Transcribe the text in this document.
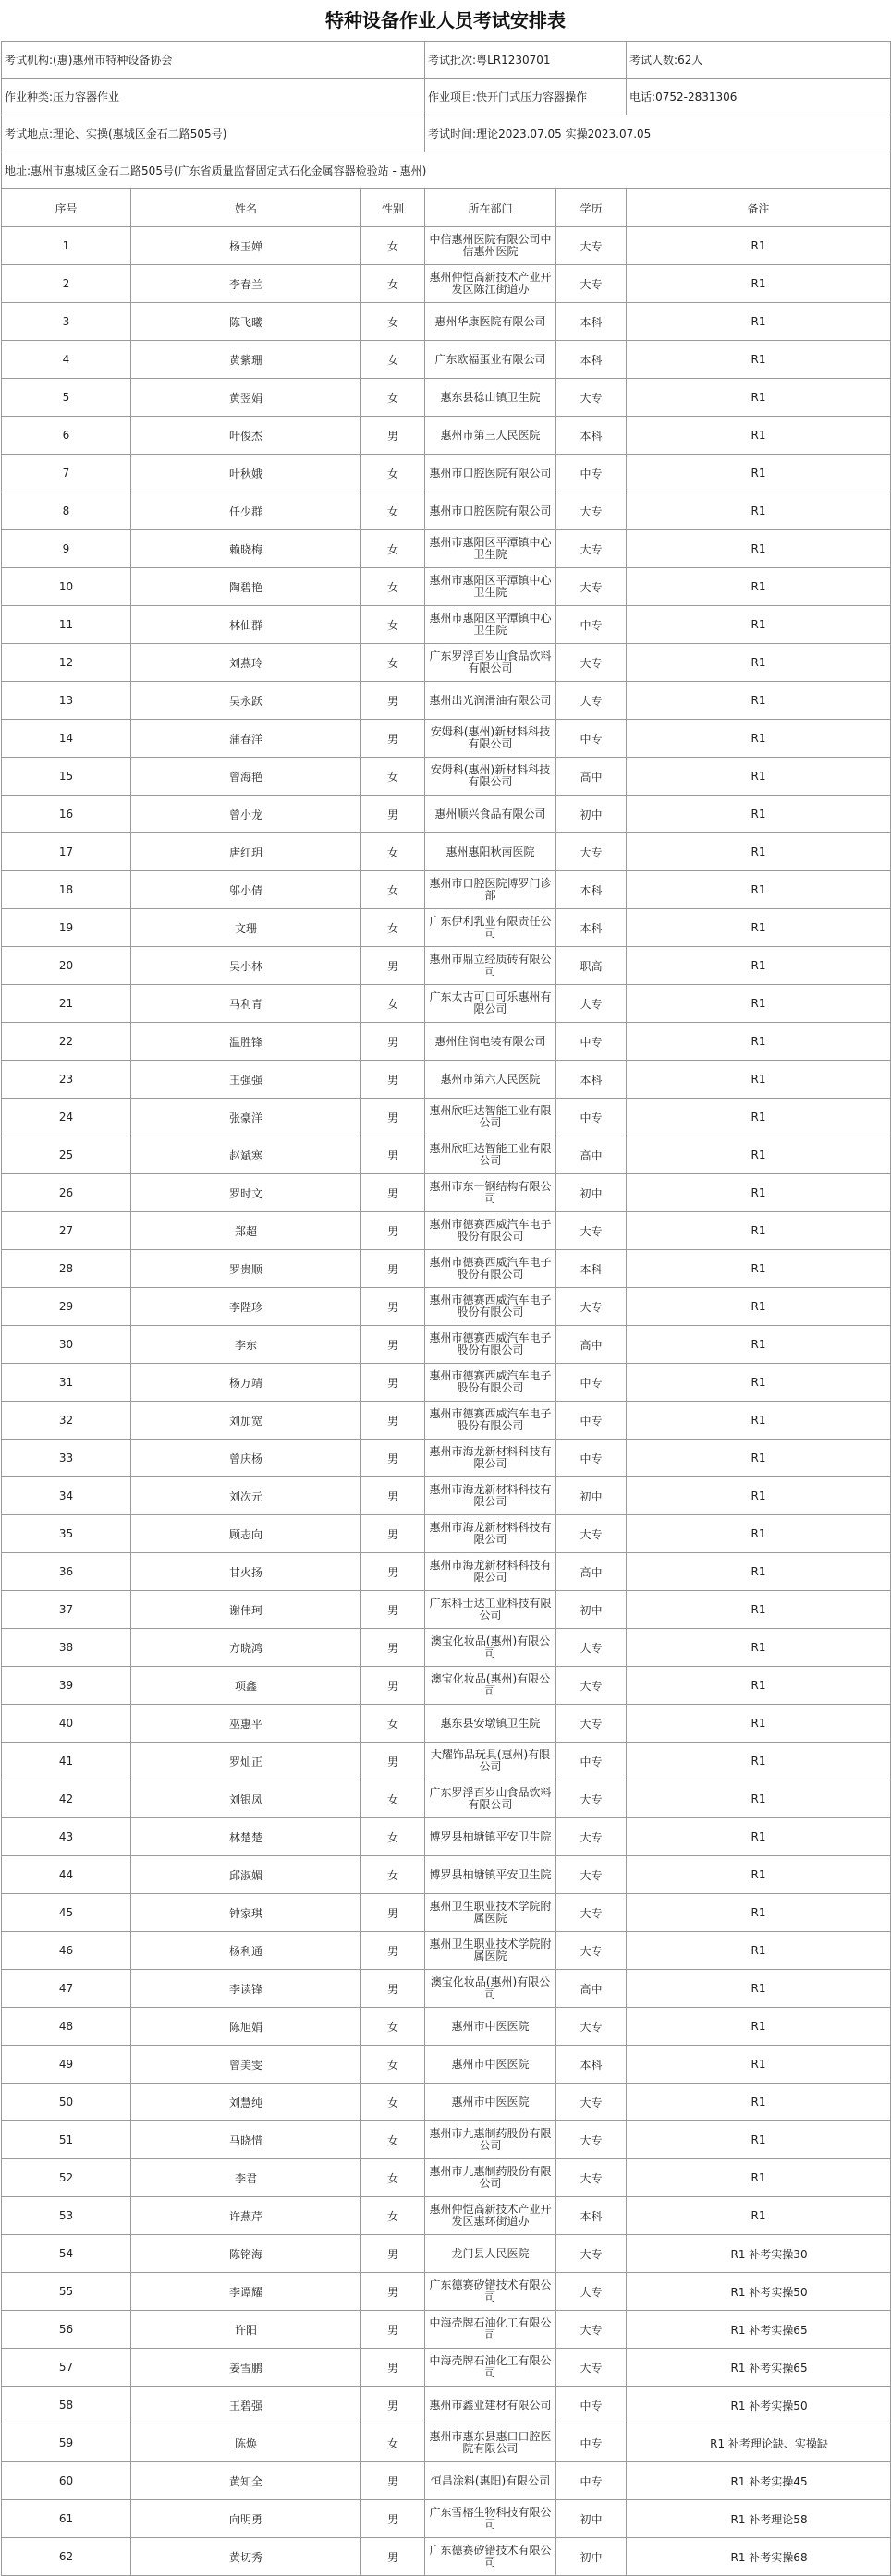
特种设备作业人员考试安排表
考试机构:(惠)惠州市特种设备协会			考试批次:粤LR1230701		考试人数:62人
作业种类:压力容器作业			作业项目:快开门式压力容器操作		电话:0752-2831306
考试地点:理论、实操(惠城区金石二路505号)			考试时间:理论2023.07.05 实操2023.07.05		
地址:惠州市惠城区金石二路505号(广东省质量监督固定式石化金属容器检验站 - 惠州)					
序号	姓名	性别	所在部门	学历	备注
1	杨玉婵	女	中信惠州医院有限公司中信惠州医院	大专	R1
2	李春兰	女	惠州仲恺高新技术产业开发区陈江街道办	大专	R1
3	陈飞曦	女	惠州华康医院有限公司	本科	R1
4	黄紫珊	女	广东欧福蛋业有限公司	本科	R1
5	黄翌娟	女	惠东县稔山镇卫生院	大专	R1
6	叶俊杰	男	惠州市第三人民医院	本科	R1
7	叶秋娥	女	惠州市口腔医院有限公司	中专	R1
8	任少群	女	惠州市口腔医院有限公司	大专	R1
9	赖晓梅	女	惠州市惠阳区平潭镇中心卫生院	大专	R1
10	陶碧艳	女	惠州市惠阳区平潭镇中心卫生院	大专	R1
11	林仙群	女	惠州市惠阳区平潭镇中心卫生院	中专	R1
12	刘燕玲	女	广东罗浮百岁山食品饮料有限公司	大专	R1
13	吴永跃	男	惠州出光润滑油有限公司	大专	R1
14	蒲春洋	男	安姆科(惠州)新材料科技有限公司	中专	R1
15	曾海艳	女	安姆科(惠州)新材料科技有限公司	高中	R1
16	曾小龙	男	惠州顺兴食品有限公司	初中	R1
17	唐红玥	女	惠州惠阳秋南医院	大专	R1
18	邬小倩	女	惠州市口腔医院博罗门诊部	本科	R1
19	文珊	女	广东伊利乳业有限责任公司	本科	R1
20	吴小林	男	惠州市鼎立经质砖有限公司	职高	R1
21	马利青	女	广东太古可口可乐惠州有限公司	大专	R1
22	温胜锋	男	惠州住润电装有限公司	中专	R1
23	王强强	男	惠州市第六人民医院	本科	R1
24	张豪洋	男	惠州欣旺达智能工业有限公司	中专	R1
25	赵斌寒	男	惠州欣旺达智能工业有限公司	高中	R1
26	罗时文	男	惠州市东一钢结构有限公司	初中	R1
27	郑超	男	惠州市德赛西威汽车电子股份有限公司	大专	R1
28	罗贵顺	男	惠州市德赛西威汽车电子股份有限公司	本科	R1
29	李陛珍	男	惠州市德赛西威汽车电子股份有限公司	大专	R1
30	李东	男	惠州市德赛西威汽车电子股份有限公司	高中	R1
31	杨万靖	男	惠州市德赛西威汽车电子股份有限公司	中专	R1
32	刘加宽	男	惠州市德赛西威汽车电子股份有限公司	中专	R1
33	曾庆杨	男	惠州市海龙新材料科技有限公司	中专	R1
34	刘次元	男	惠州市海龙新材料科技有限公司	初中	R1
35	顾志向	男	惠州市海龙新材料科技有限公司	大专	R1
36	甘火扬	男	惠州市海龙新材料科技有限公司	高中	R1
37	谢伟珂	男	广东科士达工业科技有限公司	初中	R1
38	方晓鸿	男	澳宝化妆品(惠州)有限公司	大专	R1
39	项鑫	男	澳宝化妆品(惠州)有限公司	大专	R1
40	巫惠平	女	惠东县安墩镇卫生院	大专	R1
41	罗灿正	男	大耀饰品玩具(惠州)有限公司	中专	R1
42	刘银凤	女	广东罗浮百岁山食品饮料有限公司	大专	R1
43	林楚楚	女	博罗县柏塘镇平安卫生院	大专	R1
44	邱淑媚	女	博罗县柏塘镇平安卫生院	大专	R1
45	钟家琪	男	惠州卫生职业技术学院附属医院	大专	R1
46	杨利通	男	惠州卫生职业技术学院附属医院	大专	R1
47	李读锋	男	澳宝化妆品(惠州)有限公司	高中	R1
48	陈旭娟	女	惠州市中医医院	大专	R1
49	曾美雯	女	惠州市中医医院	本科	R1
50	刘慧纯	女	惠州市中医医院	大专	R1
51	马晓惜	女	惠州市九惠制药股份有限公司	大专	R1
52	李君	女	惠州市九惠制药股份有限公司	大专	R1
53	许燕芹	女	惠州仲恺高新技术产业开发区惠环街道办	本科	R1
54	陈铭海	男	龙门县人民医院	大专	R1 补考实操30
55	李谭耀	男	广东德赛矽镨技术有限公司	大专	R1 补考实操50
56	许阳	男	中海壳牌石油化工有限公司	大专	R1 补考实操65
57	姜雪鹏	男	中海壳牌石油化工有限公司	大专	R1 补考实操65
58	王碧强	男	惠州市鑫业建材有限公司	中专	R1 补考实操50
59	陈焕	女	惠州市惠东县惠口口腔医院有限公司	中专	R1 补考理论缺、实操缺
60	黄知全	男	恒昌涂料(惠阳)有限公司	中专	R1 补考实操45
61	向明勇	男	广东雪榕生物科技有限公司	初中	R1 补考理论58
62	黄切秀	男	广东德赛矽镨技术有限公司	初中	R1 补考实操68
